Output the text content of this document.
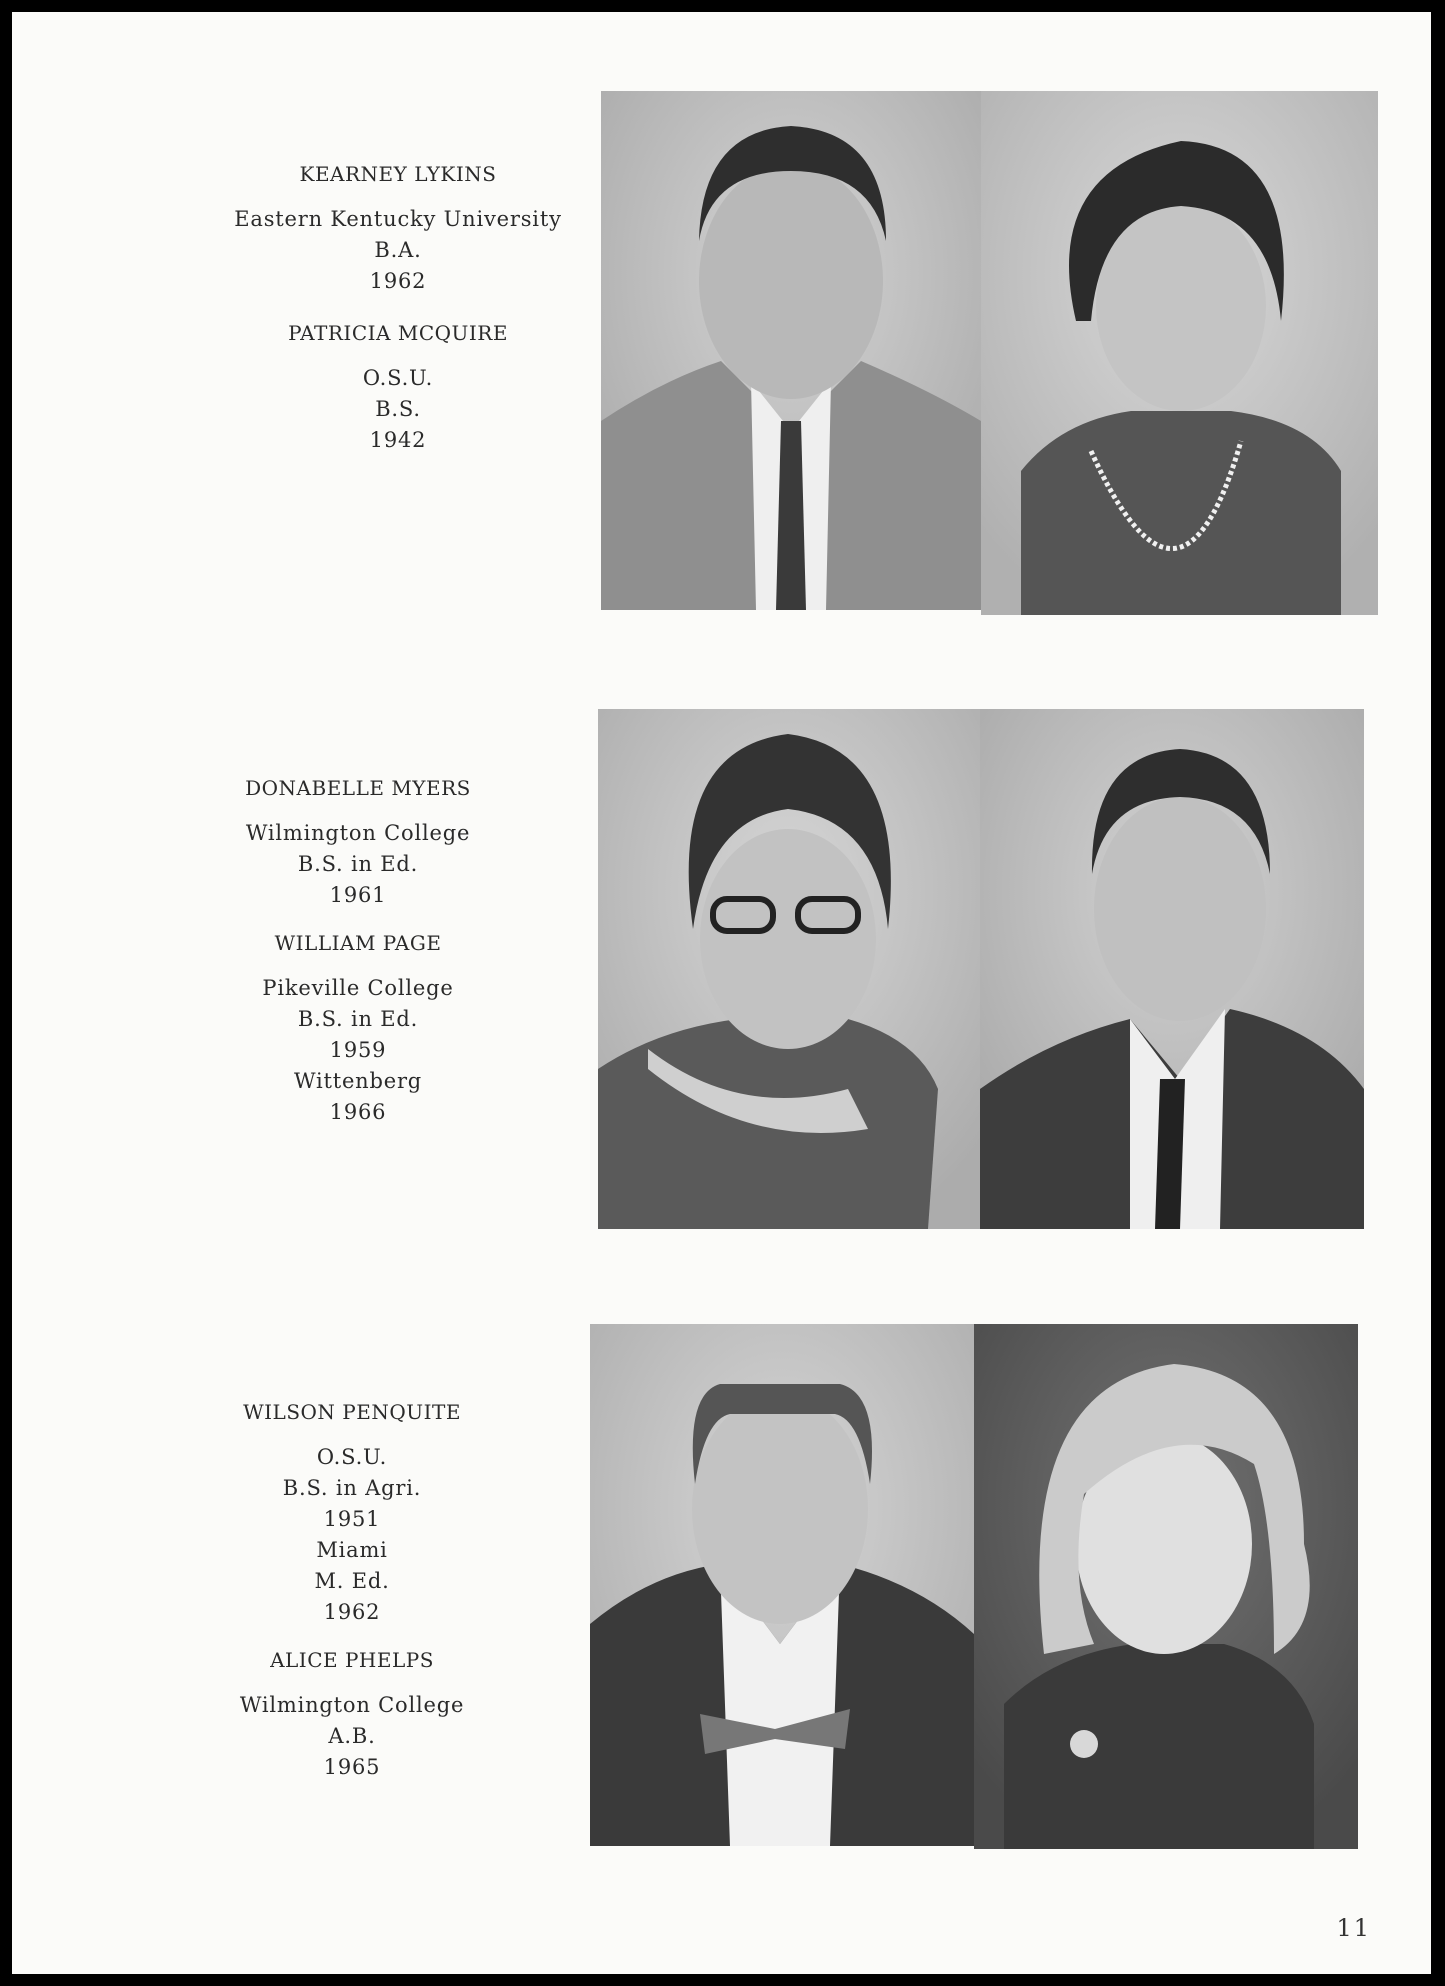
KEARNEY LYKINS

Eastern Kentucky University

B.A.

1962

PATRICIA MCQUIRE

O.S.U.

B.S.

1942

DONABELLE MYERS

Wilmington College

B.S. in Ed.

1961

WILLIAM PAGE

Pikeville College

B.S. in Ed.

1959

Wittenberg

1966

WILSON PENQUITE

O.S.U.

B.S. in Agri.

1951

Miami

M. Ed.

1962

ALICE PHELPS

Wilmington College

A.B.

1965

11
